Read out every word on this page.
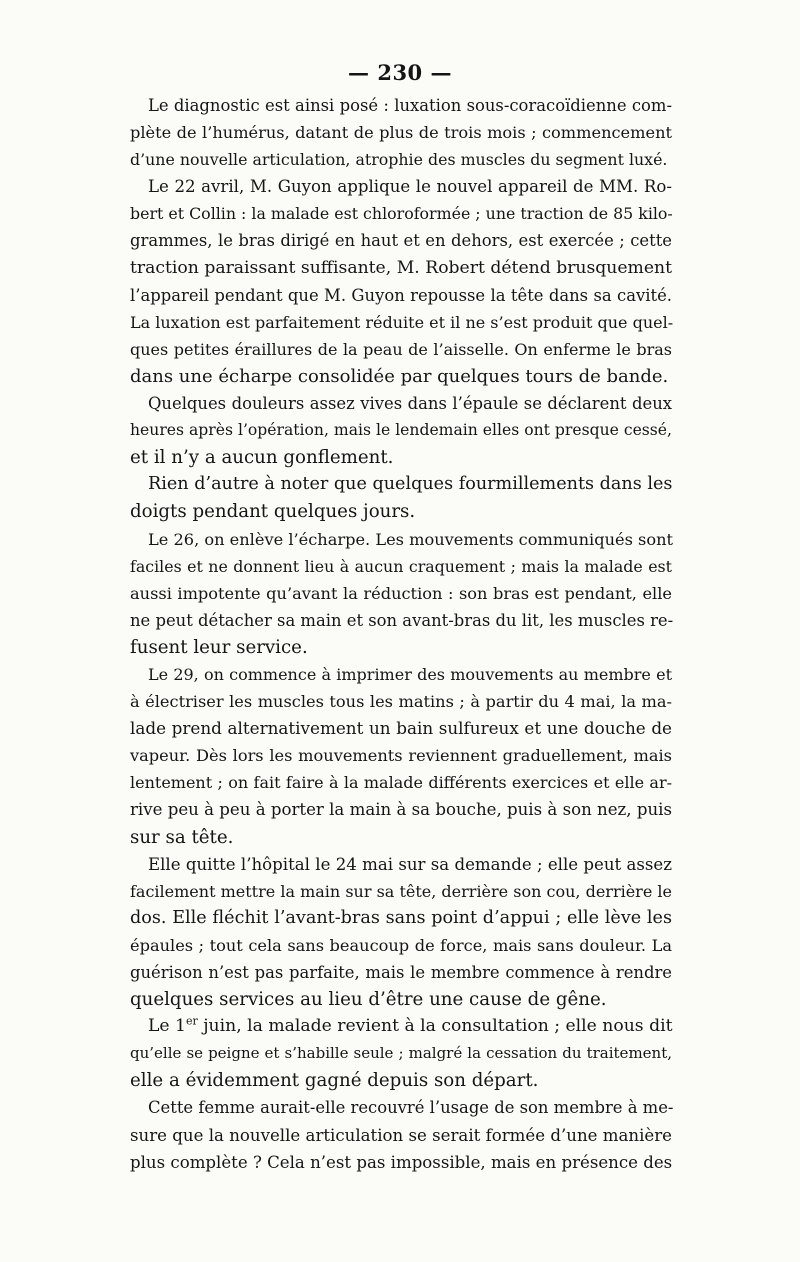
— 230 —
Le diagnostic est ainsi posé : luxation sous-coracoïdienne com-
plète de l’humérus, datant de plus de trois mois ; commencement
d’une nouvelle articulation, atrophie des muscles du segment luxé.
Le 22 avril, M. Guyon applique le nouvel appareil de MM. Ro-
bert et Collin : la malade est chloroformée ; une traction de 85 kilo-
grammes, le bras dirigé en haut et en dehors, est exercée ; cette
traction paraissant suffisante, M. Robert détend brusquement
l’appareil pendant que M. Guyon repousse la tête dans sa cavité.
La luxation est parfaitement réduite et il ne s’est produit que quel-
ques petites éraillures de la peau de l’aisselle. On enferme le bras
dans une écharpe consolidée par quelques tours de bande.
Quelques douleurs assez vives dans l’épaule se déclarent deux
heures après l’opération, mais le lendemain elles ont presque cessé,
et il n’y a aucun gonflement.
Rien d’autre à noter que quelques fourmillements dans les
doigts pendant quelques jours.
Le 26, on enlève l’écharpe. Les mouvements communiqués sont
faciles et ne donnent lieu à aucun craquement ; mais la malade est
aussi impotente qu’avant la réduction : son bras est pendant, elle
ne peut détacher sa main et son avant-bras du lit, les muscles re-
fusent leur service.
Le 29, on commence à imprimer des mouvements au membre et
à électriser les muscles tous les matins ; à partir du 4 mai, la ma-
lade prend alternativement un bain sulfureux et une douche de
vapeur. Dès lors les mouvements reviennent graduellement, mais
lentement ; on fait faire à la malade différents exercices et elle ar-
rive peu à peu à porter la main à sa bouche, puis à son nez, puis
sur sa tête.
Elle quitte l’hôpital le 24 mai sur sa demande ; elle peut assez
facilement mettre la main sur sa tête, derrière son cou, derrière le
dos. Elle fléchit l’avant-bras sans point d’appui ; elle lève les
épaules ; tout cela sans beaucoup de force, mais sans douleur. La
guérison n’est pas parfaite, mais le membre commence à rendre
quelques services au lieu d’être une cause de gêne.
Le 1er juin, la malade revient à la consultation ; elle nous dit
qu’elle se peigne et s’habille seule ; malgré la cessation du traitement,
elle a évidemment gagné depuis son départ.
Cette femme aurait-elle recouvré l’usage de son membre à me-
sure que la nouvelle articulation se serait formée d’une manière
plus complète ? Cela n’est pas impossible, mais en présence des
